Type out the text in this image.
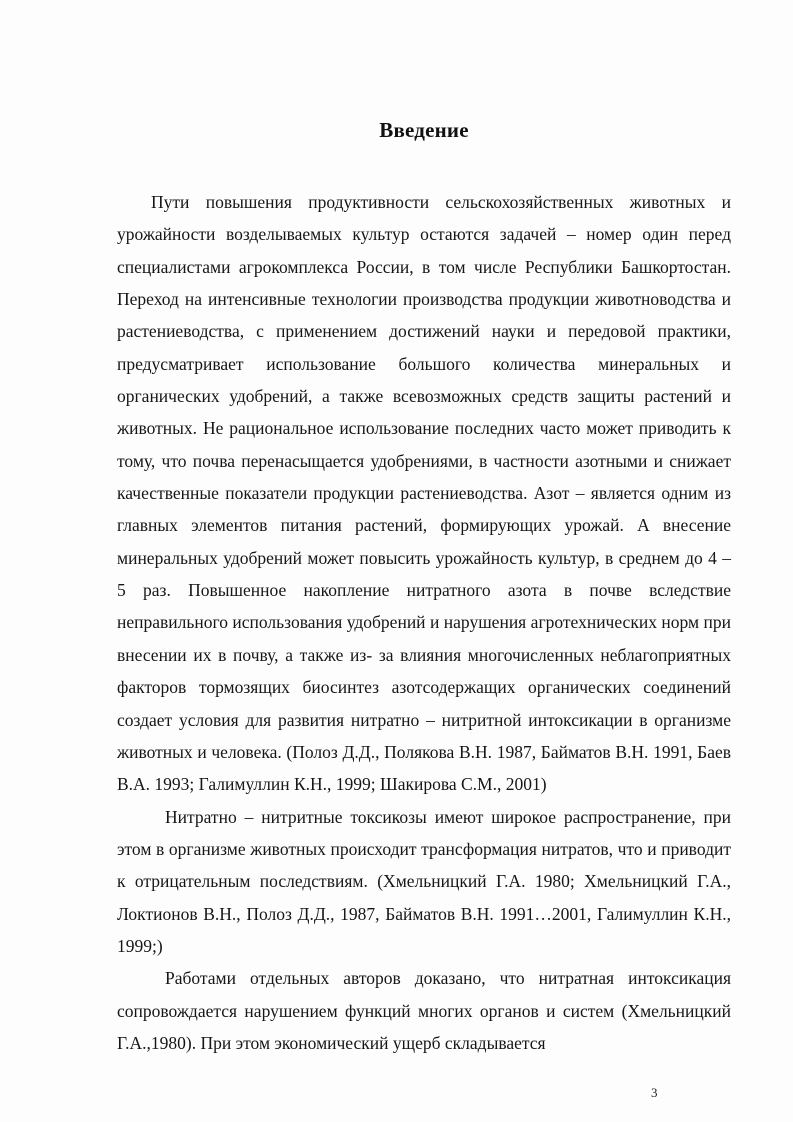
Введение

Пути повышения продуктивности сельскохозяйственных животных и урожайности возделываемых культур остаются задачей – номер один перед специалистами агрокомплекса России, в том числе Республики Башкортостан. Переход на интенсивные технологии производства продукции животноводства и растениеводства, с применением достижений науки и передовой практики, предусматривает использование большого количества минеральных и органических удобрений, а также всевозможных средств защиты растений и животных. Не рациональное использование последних часто может приводить к тому, что почва перенасыщается удобрениями, в частности азотными и снижает качественные показатели продукции растениеводства. Азот – является одним из главных элементов питания растений, формирующих урожай. А внесение минеральных удобрений может повысить урожайность культур, в среднем до 4 – 5 раз. Повышенное накопление нитратного азота в почве вследствие неправильного использования удобрений и нарушения агротехнических норм при внесении их в почву, а также из- за влияния многочисленных неблагоприятных факторов тормозящих биосинтез азотсодержащих органических соединений создает условия для развития нитратно – нитритной интоксикации в организме животных и человека. (Полоз Д.Д., Полякова В.Н. 1987, Байматов В.Н. 1991, Баев В.А. 1993; Галимуллин К.Н., 1999; Шакирова С.М., 2001)

Нитратно – нитритные токсикозы имеют широкое распространение, при этом в организме животных происходит трансформация нитратов, что и приводит к отрицательным последствиям. (Хмельницкий Г.А. 1980; Хмельницкий Г.А., Локтионов В.Н., Полоз Д.Д., 1987, Байматов В.Н. 1991…2001, Галимуллин К.Н., 1999;)

Работами отдельных авторов доказано, что нитратная интоксикация сопровождается нарушением функций многих органов и систем (Хмельницкий Г.А.,1980). При этом экономический ущерб складывается

3
